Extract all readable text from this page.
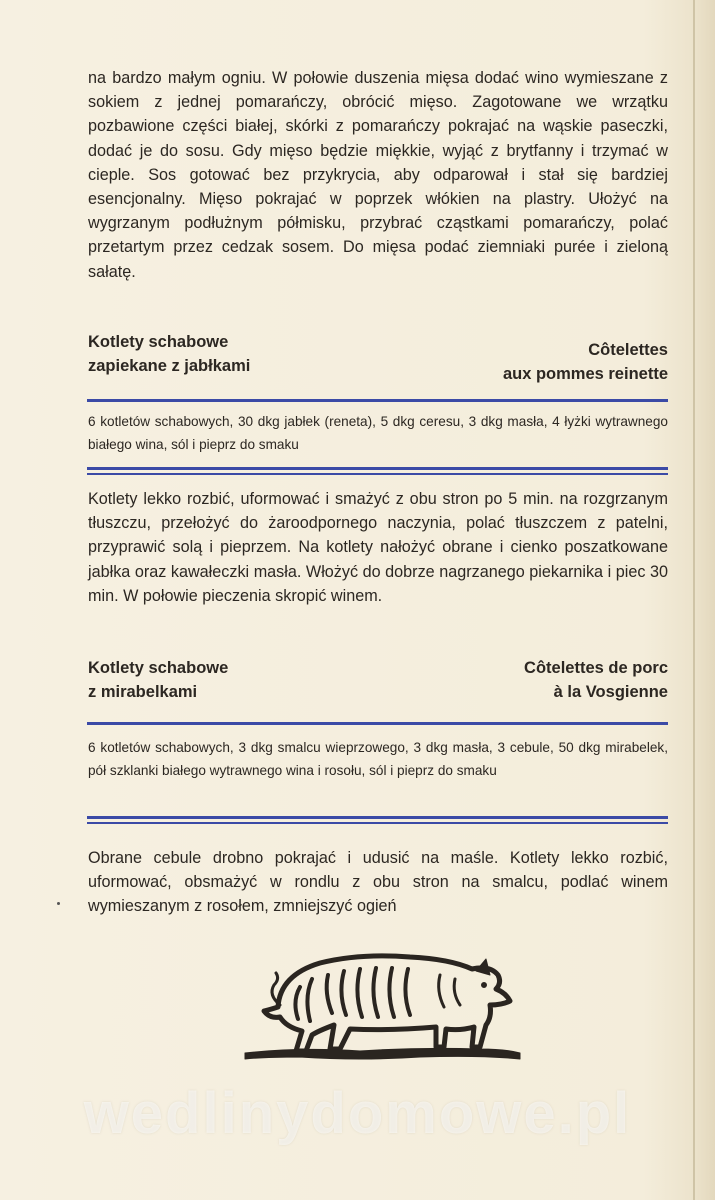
na bardzo małym ogniu. W połowie duszenia mięsa dodać wino wymieszane z sokiem z jednej pomarańczy, obrócić mięso. Zagotowane we wrzątku pozbawione części białej, skórki z pomarańczy pokrajać na wąskie paseczki, dodać je do sosu. Gdy mięso będzie miękkie, wyjąć z brytfanny i trzymać w cieple. Sos gotować bez przykrycia, aby odparował i stał się bardziej esencjonalny. Mięso pokrajać w poprzek włókien na plastry. Ułożyć na wygrzanym podłużnym półmisku, przybrać cząstkami pomarańczy, polać przetartym przez cedzak sosem. Do mięsa podać ziemniaki purée i zieloną sałatę.

Kotlety schabowe
zapiekane z jabłkami
Côtelettes
aux pommes reinette

6 kotletów schabowych, 30 dkg jabłek (reneta), 5 dkg ceresu, 3 dkg masła, 4 łyżki wytrawnego białego wina, sól i pieprz do smaku

Kotlety lekko rozbić, uformować i smażyć z obu stron po 5 min. na rozgrzanym tłuszczu, przełożyć do żaroodpornego naczynia, polać tłuszczem z patelni, przyprawić solą i pieprzem. Na kotlety nałożyć obrane i cienko poszatkowane jabłka oraz kawałeczki masła. Włożyć do dobrze nagrzanego piekarnika i piec 30 min. W połowie pieczenia skropić winem.

Kotlety schabowe
z mirabelkami
Côtelettes de porc
à la Vosgienne

6 kotletów schabowych, 3 dkg smalcu wieprzowego, 3 dkg masła, 3 cebule, 50 dkg mirabelek, pół szklanki białego wytrawnego wina i rosołu, sól i pieprz do smaku

Obrane cebule drobno pokrajać i udusić na maśle. Kotlety lekko rozbić, uformować, obsmażyć w rondlu z obu stron na smalcu, podlać winem wymieszanym z rosołem, zmniejszyć ogień

wedlinydomowe.pl
